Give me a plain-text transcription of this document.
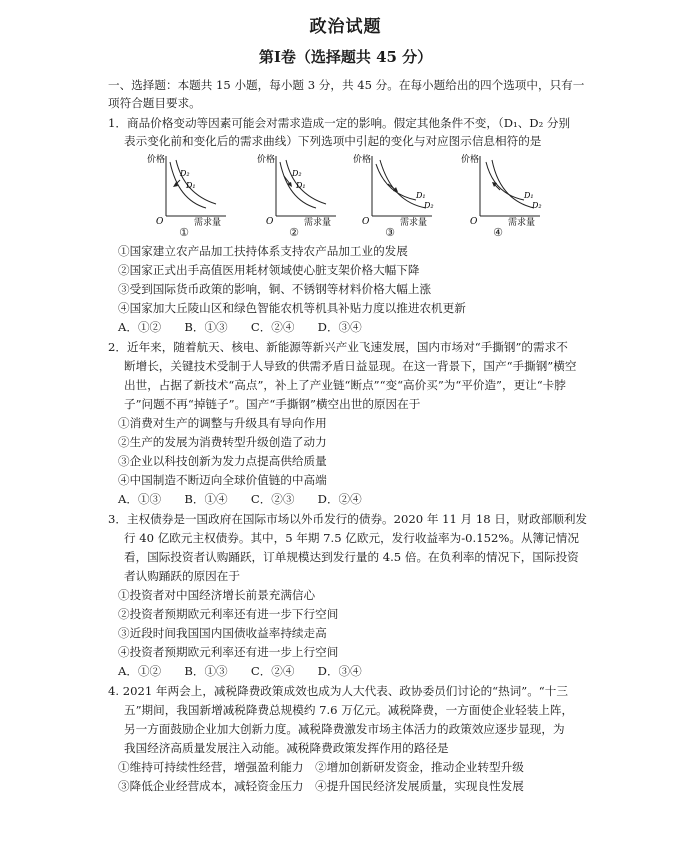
政治试题
第Ⅰ卷（选择题共 45 分）
一、选择题：本题共 15 小题，每小题 3 分，共 45 分。在每小题给出的四个选项中，只有一
项符合题目要求。
1．商品价格变动等因素可能会对需求造成一定的影响。假定其他条件不变，（D₁、D₂ 分别
表示变化前和变化后的需求曲线）下列选项中引起的变化与对应图示信息相符的是
价格
O	需求量
D₂
D₁
①
价格
O	需求量
D₂
D₁
②
价格
O	需求量
D₁
D₂
③
价格
O	需求量
D₁
D₂
④
①国家建立农产品加工扶持体系支持农产品加工业的发展
②国家正式出手高值医用耗材领域使心脏支架价格大幅下降
③受到国际货币政策的影响，铜、不锈钢等材料价格大幅上涨
④国家加大丘陵山区和绿色智能农机等机具补贴力度以推进农机更新
A．①②　　B．①③　　C．②④　　D．③④
2．近年来，随着航天、核电、新能源等新兴产业飞速发展，国内市场对“手撕钢”的需求不
断增长，关键技术受制于人导致的供需矛盾日益显现。在这一背景下，国产“手撕钢”横空
出世，占据了新技术“高点”，补上了产业链“断点”“变“高价买”为“平价造”，更让“卡脖
子”问题不再“掉链子”。国产“手撕钢”横空出世的原因在于
①消费对生产的调整与升级具有导向作用
②生产的发展为消费转型升级创造了动力
③企业以科技创新为发力点提高供给质量
④中国制造不断迈向全球价值链的中高端
A．①③　　B．①④　　C．②③　　D．②④
3．主权债券是一国政府在国际市场以外币发行的债券。2020 年 11 月 18 日，财政部顺利发
行 40 亿欧元主权债券。其中，5 年期 7.5 亿欧元，发行收益率为-0.152%。从簿记情况
看，国际投资者认购踊跃，订单规模达到发行量的 4.5 倍。在负利率的情况下，国际投资
者认购踊跃的原因在于
①投资者对中国经济增长前景充满信心
②投资者预期欧元利率还有进一步下行空间
③近段时间我国国内国债收益率持续走高
④投资者预期欧元利率还有进一步上行空间
A．①②　　B．①③　　C．②④　　D．③④
4. 2021 年两会上，减税降费政策成效也成为人大代表、政协委员们讨论的“热词”。“十三
五”期间，我国新增减税降费总规模约 7.6 万亿元。减税降费，一方面使企业轻装上阵，
另一方面鼓励企业加大创新力度。减税降费激发市场主体活力的政策效应逐步显现，为
我国经济高质量发展注入动能。减税降费政策发挥作用的路径是
①维持可持续性经营，增强盈利能力　②增加创新研发资金，推动企业转型升级
③降低企业经营成本，减轻资金压力　④提升国民经济发展质量，实现良性发展
